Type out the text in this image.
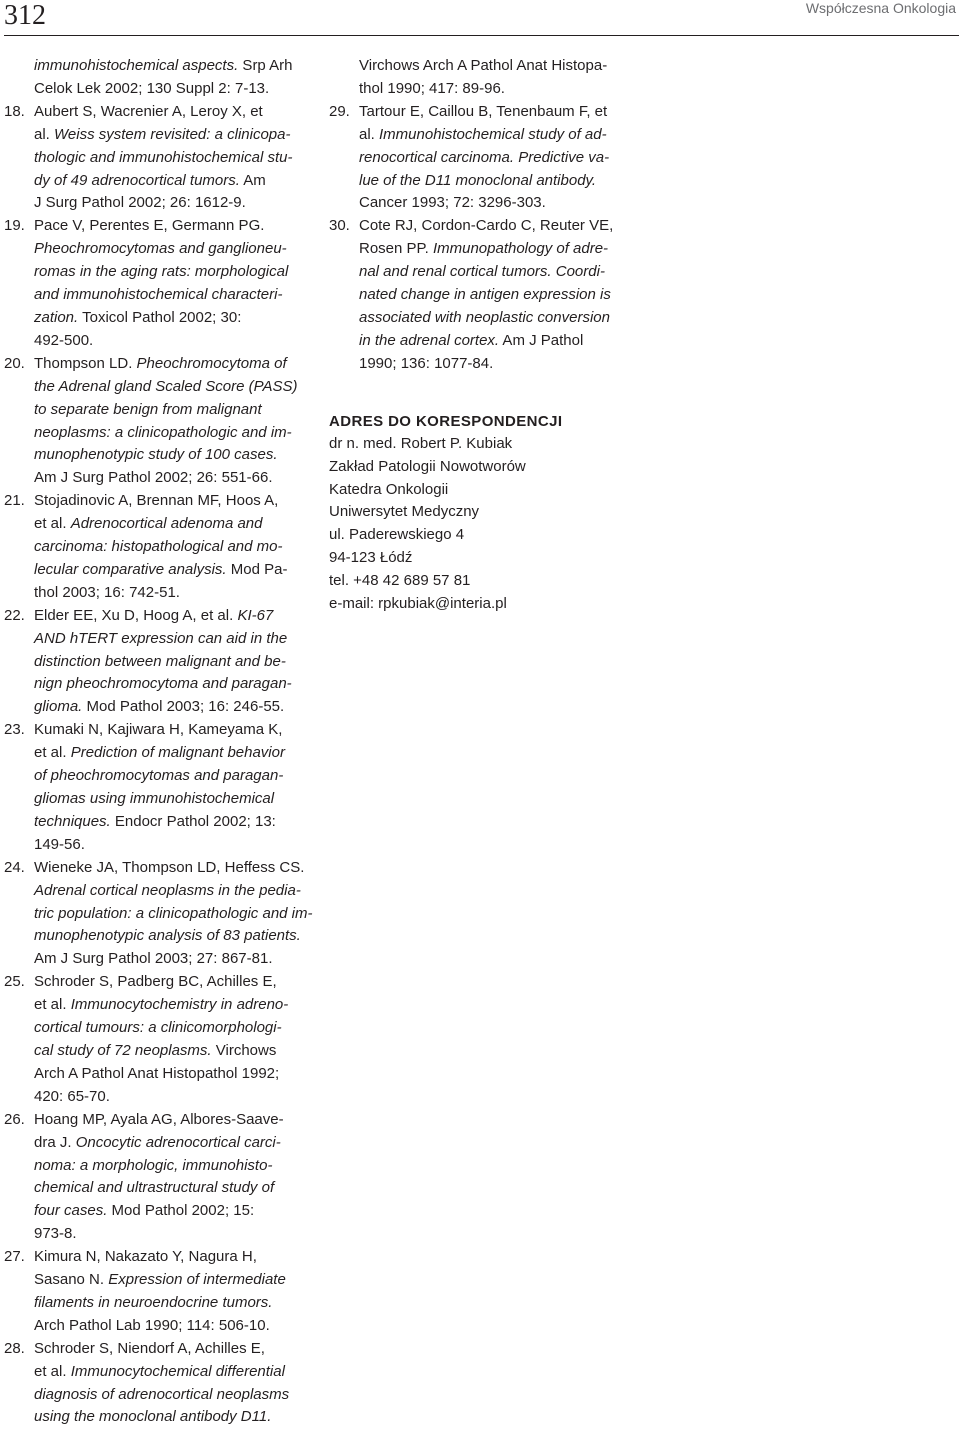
312	Współczesna Onkologia
immunohistochemical aspects. Srp Arh
Celok Lek 2002; 130 Suppl 2: 7-13.
18. Aubert S, Wacrenier A, Leroy X, et
al. Weiss system revisited: a clinicopa-
thologic and immunohistochemical stu-
dy of 49 adrenocortical tumors. Am
J Surg Pathol 2002; 26: 1612-9.
19. Pace V, Perentes E, Germann PG.
Pheochromocytomas and ganglioneu-
romas in the aging rats: morphological
and immunohistochemical characteri-
zation. Toxicol Pathol 2002; 30:
492-500.
20. Thompson LD. Pheochromocytoma of
the Adrenal gland Scaled Score (PASS)
to separate benign from malignant
neoplasms: a clinicopathologic and im-
munophenotypic study of 100 cases.
Am J Surg Pathol 2002; 26: 551-66.
21. Stojadinovic A, Brennan MF, Hoos A,
et al. Adrenocortical adenoma and
carcinoma: histopathological and mo-
lecular comparative analysis. Mod Pa-
thol 2003; 16: 742-51.
22. Elder EE, Xu D, Hoog A, et al. KI-67
AND hTERT expression can aid in the
distinction between malignant and be-
nign pheochromocytoma and paragan-
glioma. Mod Pathol 2003; 16: 246-55.
23. Kumaki N, Kajiwara H, Kameyama K,
et al. Prediction of malignant behavior
of pheochromocytomas and paragan-
gliomas using immunohistochemical
techniques. Endocr Pathol 2002; 13:
149-56.
24. Wieneke JA, Thompson LD, Heffess CS.
Adrenal cortical neoplasms in the pedia-
tric population: a clinicopathologic and im-
munophenotypic analysis of 83 patients.
Am J Surg Pathol 2003; 27: 867-81.
25. Schroder S, Padberg BC, Achilles E,
et al. Immunocytochemistry in adreno-
cortical tumours: a clinicomorphologi-
cal study of 72 neoplasms. Virchows
Arch A Pathol Anat Histopathol 1992;
420: 65-70.
26. Hoang MP, Ayala AG, Albores-Saave-
dra J. Oncocytic adrenocortical carci-
noma: a morphologic, immunohisto-
chemical and ultrastructural study of
four cases. Mod Pathol 2002; 15:
973-8.
27. Kimura N, Nakazato Y, Nagura H,
Sasano N. Expression of intermediate
filaments in neuroendocrine tumors.
Arch Pathol Lab 1990; 114: 506-10.
28. Schroder S, Niendorf A, Achilles E,
et al. Immunocytochemical differential
diagnosis of adrenocortical neoplasms
using the monoclonal antibody D11.
Virchows Arch A Pathol Anat Histopa-
thol 1990; 417: 89-96.
29. Tartour E, Caillou B, Tenenbaum F, et
al. Immunohistochemical study of ad-
renocortical carcinoma. Predictive va-
lue of the D11 monoclonal antibody.
Cancer 1993; 72: 3296-303.
30. Cote RJ, Cordon-Cardo C, Reuter VE,
Rosen PP. Immunopathology of adre-
nal and renal cortical tumors. Coordi-
nated change in antigen expression is
associated with neoplastic conversion
in the adrenal cortex. Am J Pathol
1990; 136: 1077-84.
ADRES DO KORESPONDENCJI
dr n. med. Robert P. Kubiak
Zakład Patologii Nowotworów
Katedra Onkologii
Uniwersytet Medyczny
ul. Paderewskiego 4
94-123 Łódź
tel. +48 42 689 57 81
e-mail: rpkubiak@interia.pl
